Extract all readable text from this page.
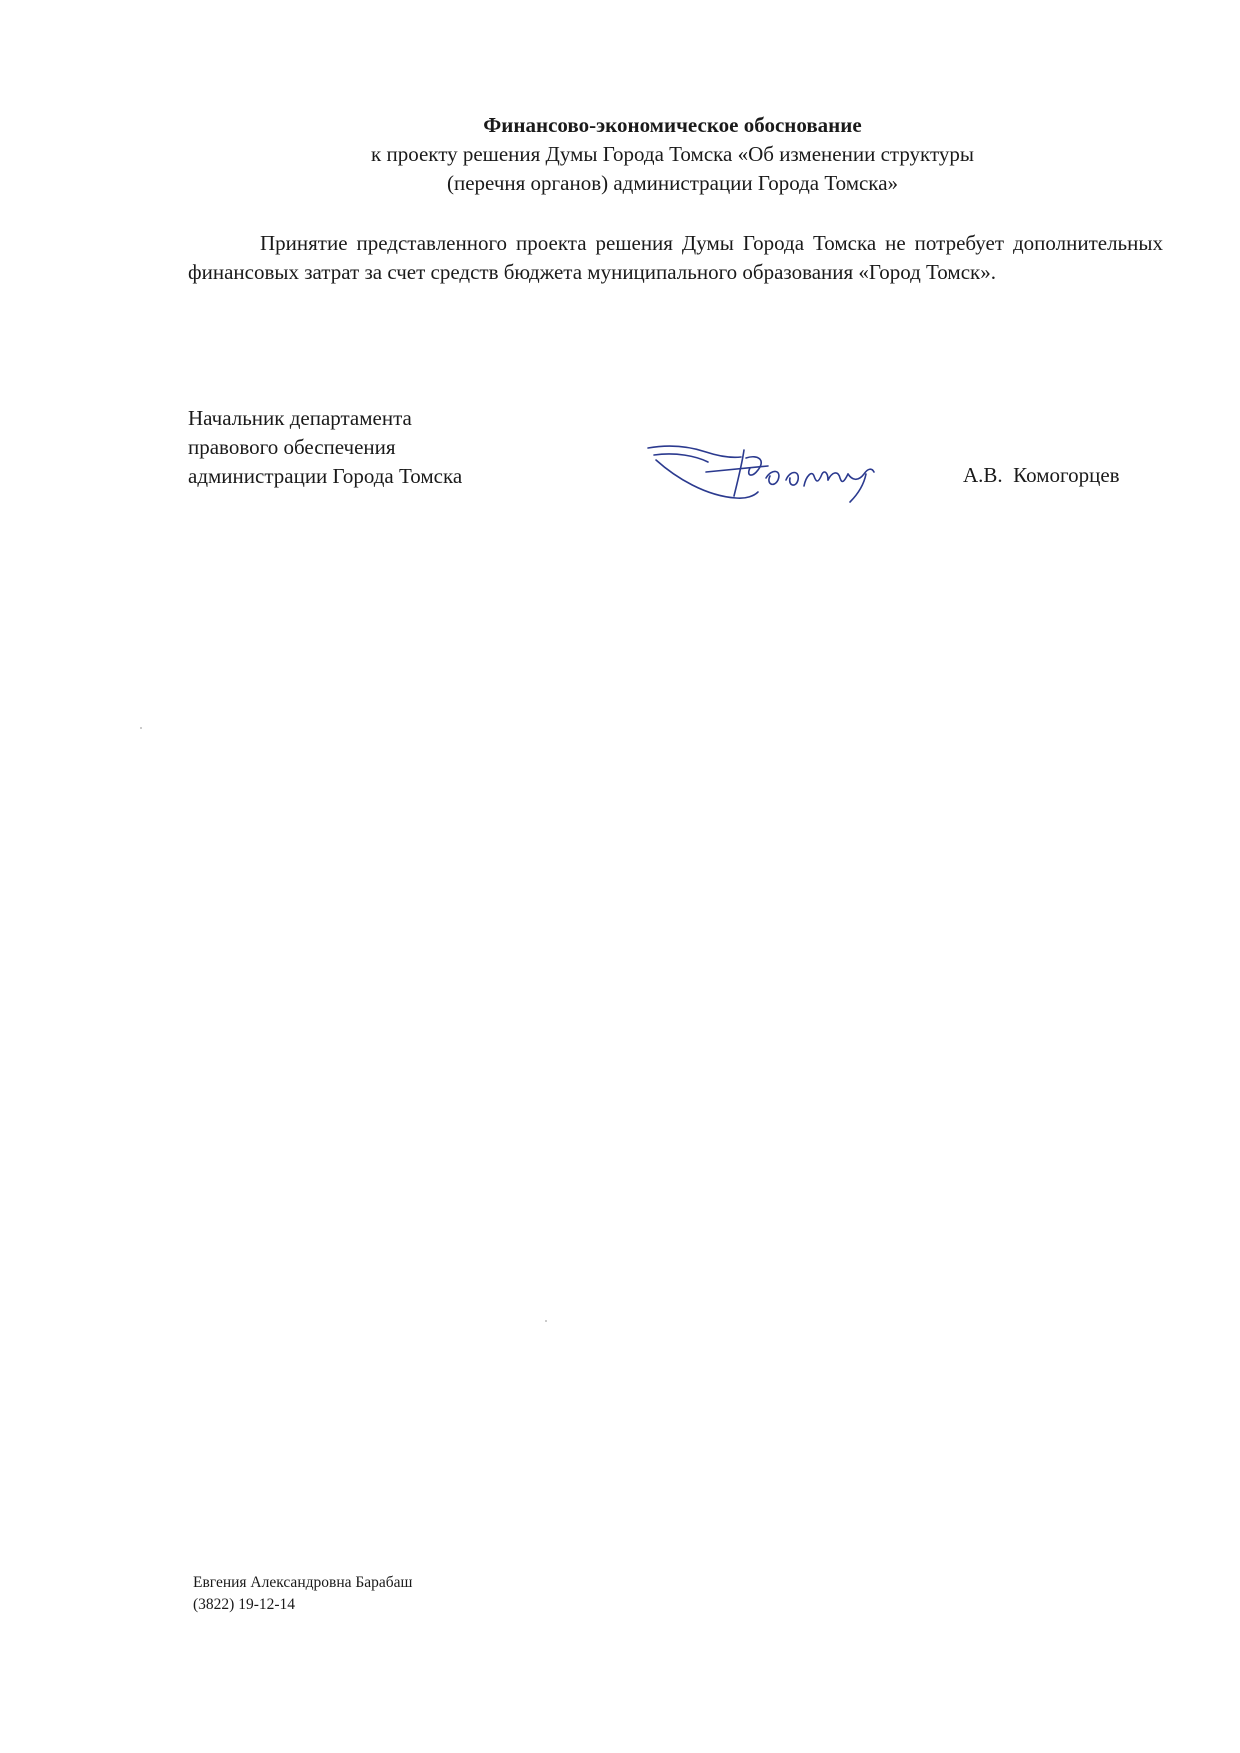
Финансово-экономическое обоснование
к проекту решения Думы Города Томска «Об изменении структуры
(перечня органов) администрации Города Томска»
Принятие представленного проекта решения Думы Города Томска не потребует дополнительных финансовых затрат за счет средств бюджета муниципального образования «Город Томск».
Начальник департамента
правового обеспечения
администрации Города Томска	А.В.  Комогорцев
Евгения Александровна Барабаш
(3822) 19-12-14
